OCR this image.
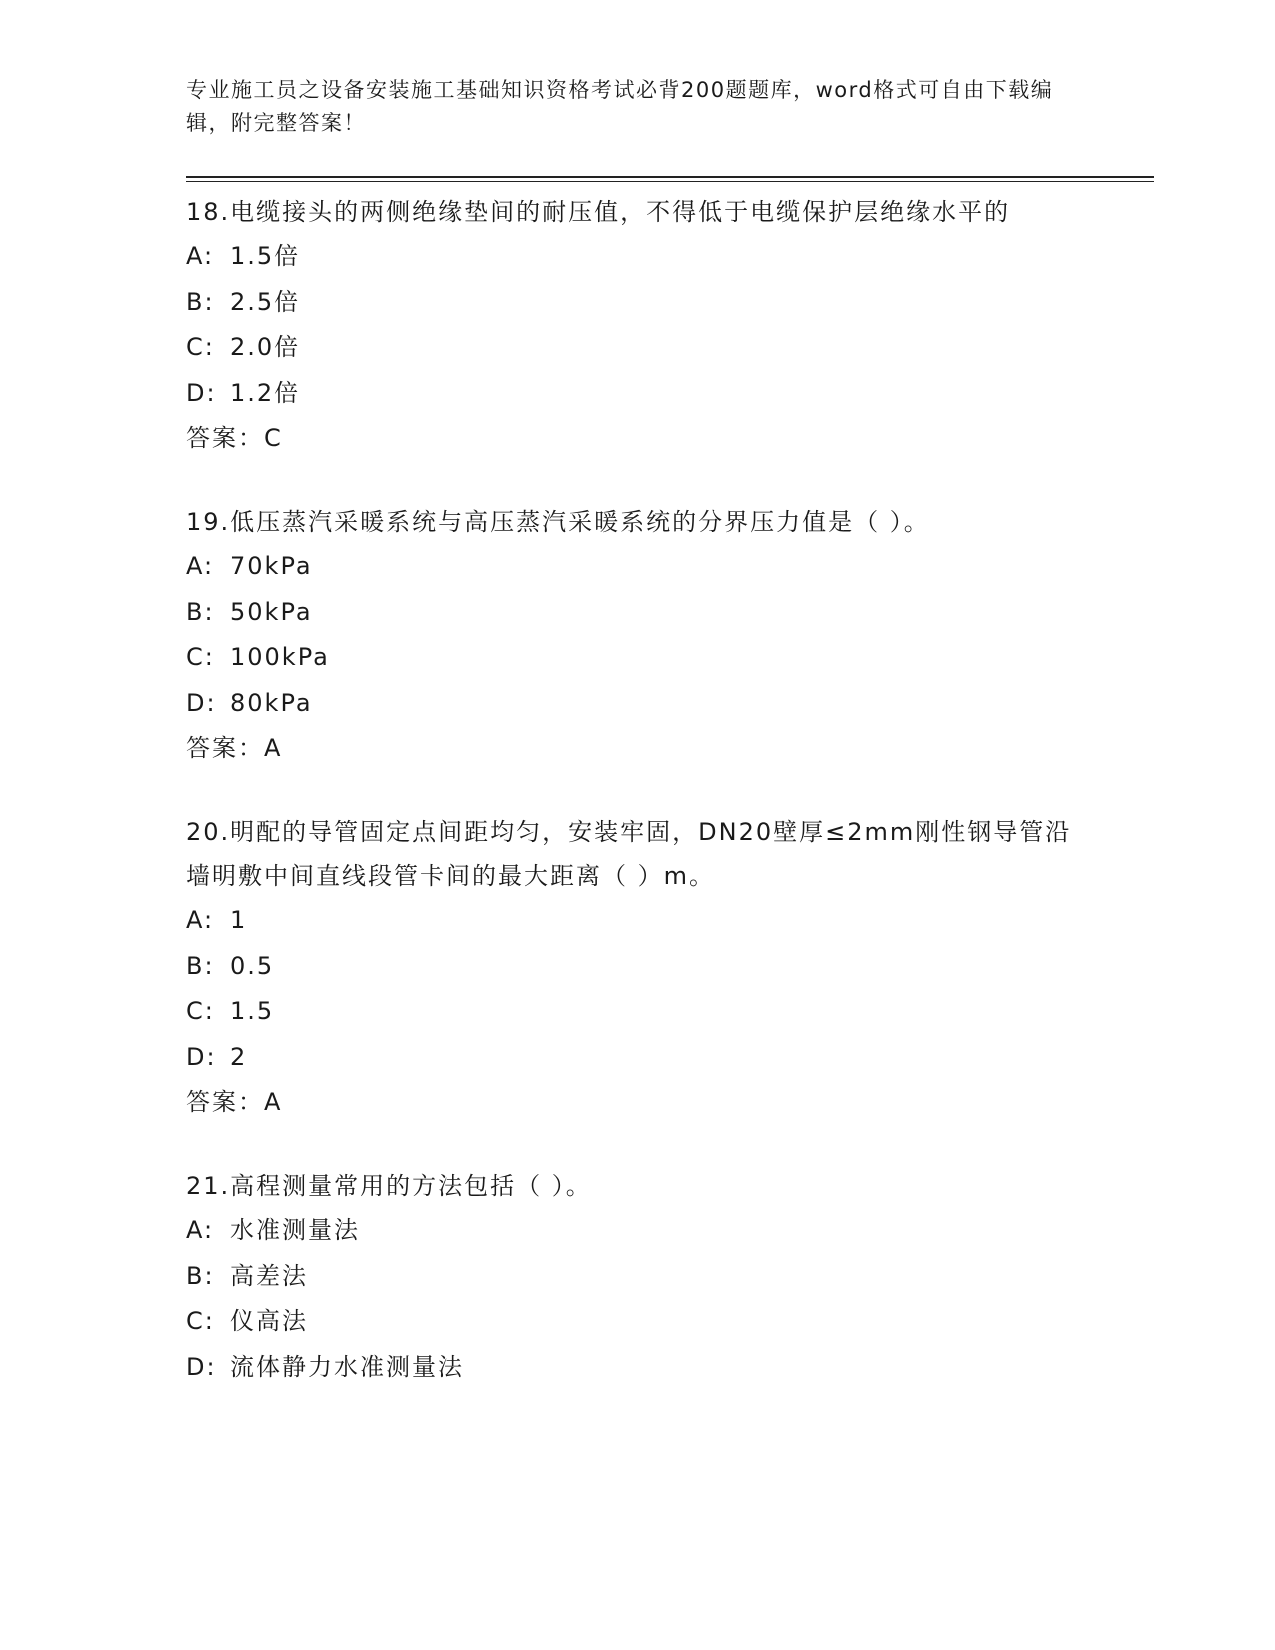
专业施工员之设备安装施工基础知识资格考试必背200题题库，word格式可自由下载编辑，附完整答案！

18.电缆接头的两侧绝缘垫间的耐压值，不得低于电缆保护层绝缘水平的

A: 1.5倍

B: 2.5倍

C: 2.0倍

D: 1.2倍

答案：C

19.低压蒸汽采暖系统与高压蒸汽采暖系统的分界压力值是（ ）。

A: 70kPa

B: 50kPa

C: 100kPa

D: 80kPa

答案：A

20.明配的导管固定点间距均匀，安装牢固，DN20壁厚≤2mm刚性钢导管沿墙明敷中间直线段管卡间的最大距离（ ）m。

A: 1

B: 0.5

C: 1.5

D: 2

答案：A

21.高程测量常用的方法包括（ ）。

A: 水准测量法

B: 高差法

C: 仪高法

D: 流体静力水准测量法
